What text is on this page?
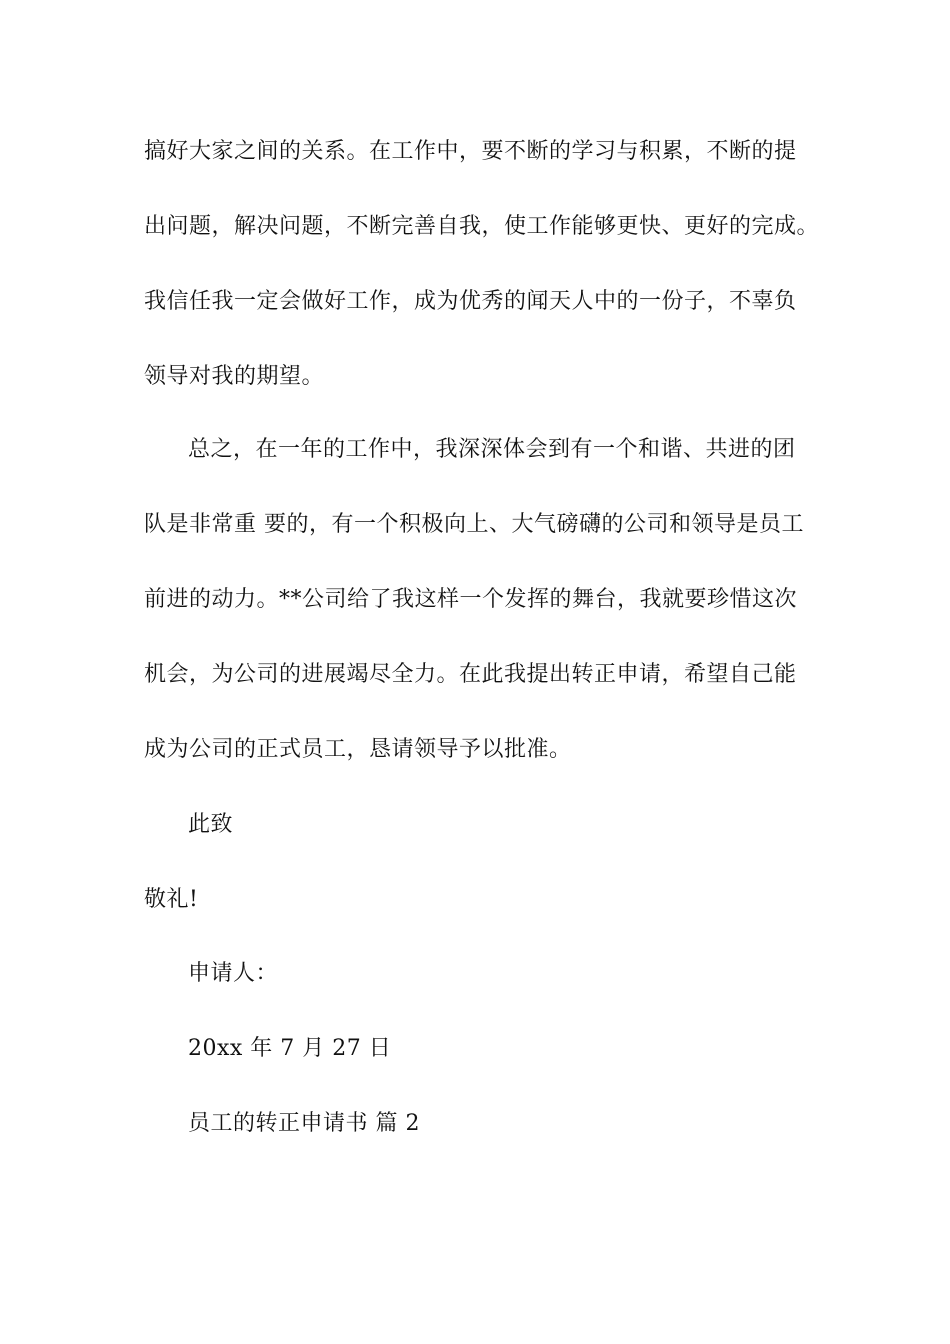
搞好大家之间的关系。在工作中，要不断的学习与积累，不断的提
出问题，解决问题，不断完善自我，使工作能够更快、更好的完成。
我信任我一定会做好工作，成为优秀的闻天人中的一份子，不辜负
领导对我的期望。
总之，在一年的工作中，我深深体会到有一个和谐、共进的团
队是非常重 要的，有一个积极向上、大气磅礴的公司和领导是员工
前进的动力。**公司给了我这样一个发挥的舞台，我就要珍惜这次
机会，为公司的进展竭尽全力。在此我提出转正申请，希望自己能
成为公司的正式员工，恳请领导予以批准。
此致
敬礼!
申请人：
20xx 年 7 月 27 日
员工的转正申请书 篇 2
